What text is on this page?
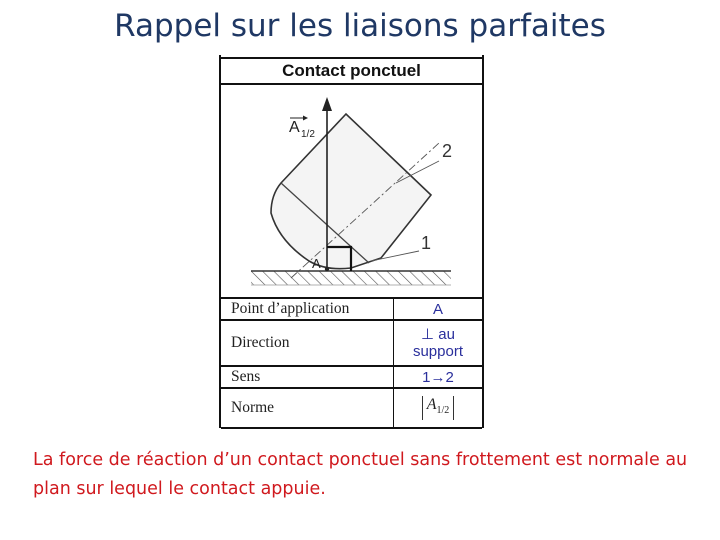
Rappel sur les liaisons parfaites
Contact ponctuel
A 1/2
A
2
1
Point d’application	A
Direction	⊥ au
support

Sens	1→2
Norme	$A_{1/2}$
La force de réaction d’un contact ponctuel sans frottement est normale au plan sur lequel le contact appuie.
